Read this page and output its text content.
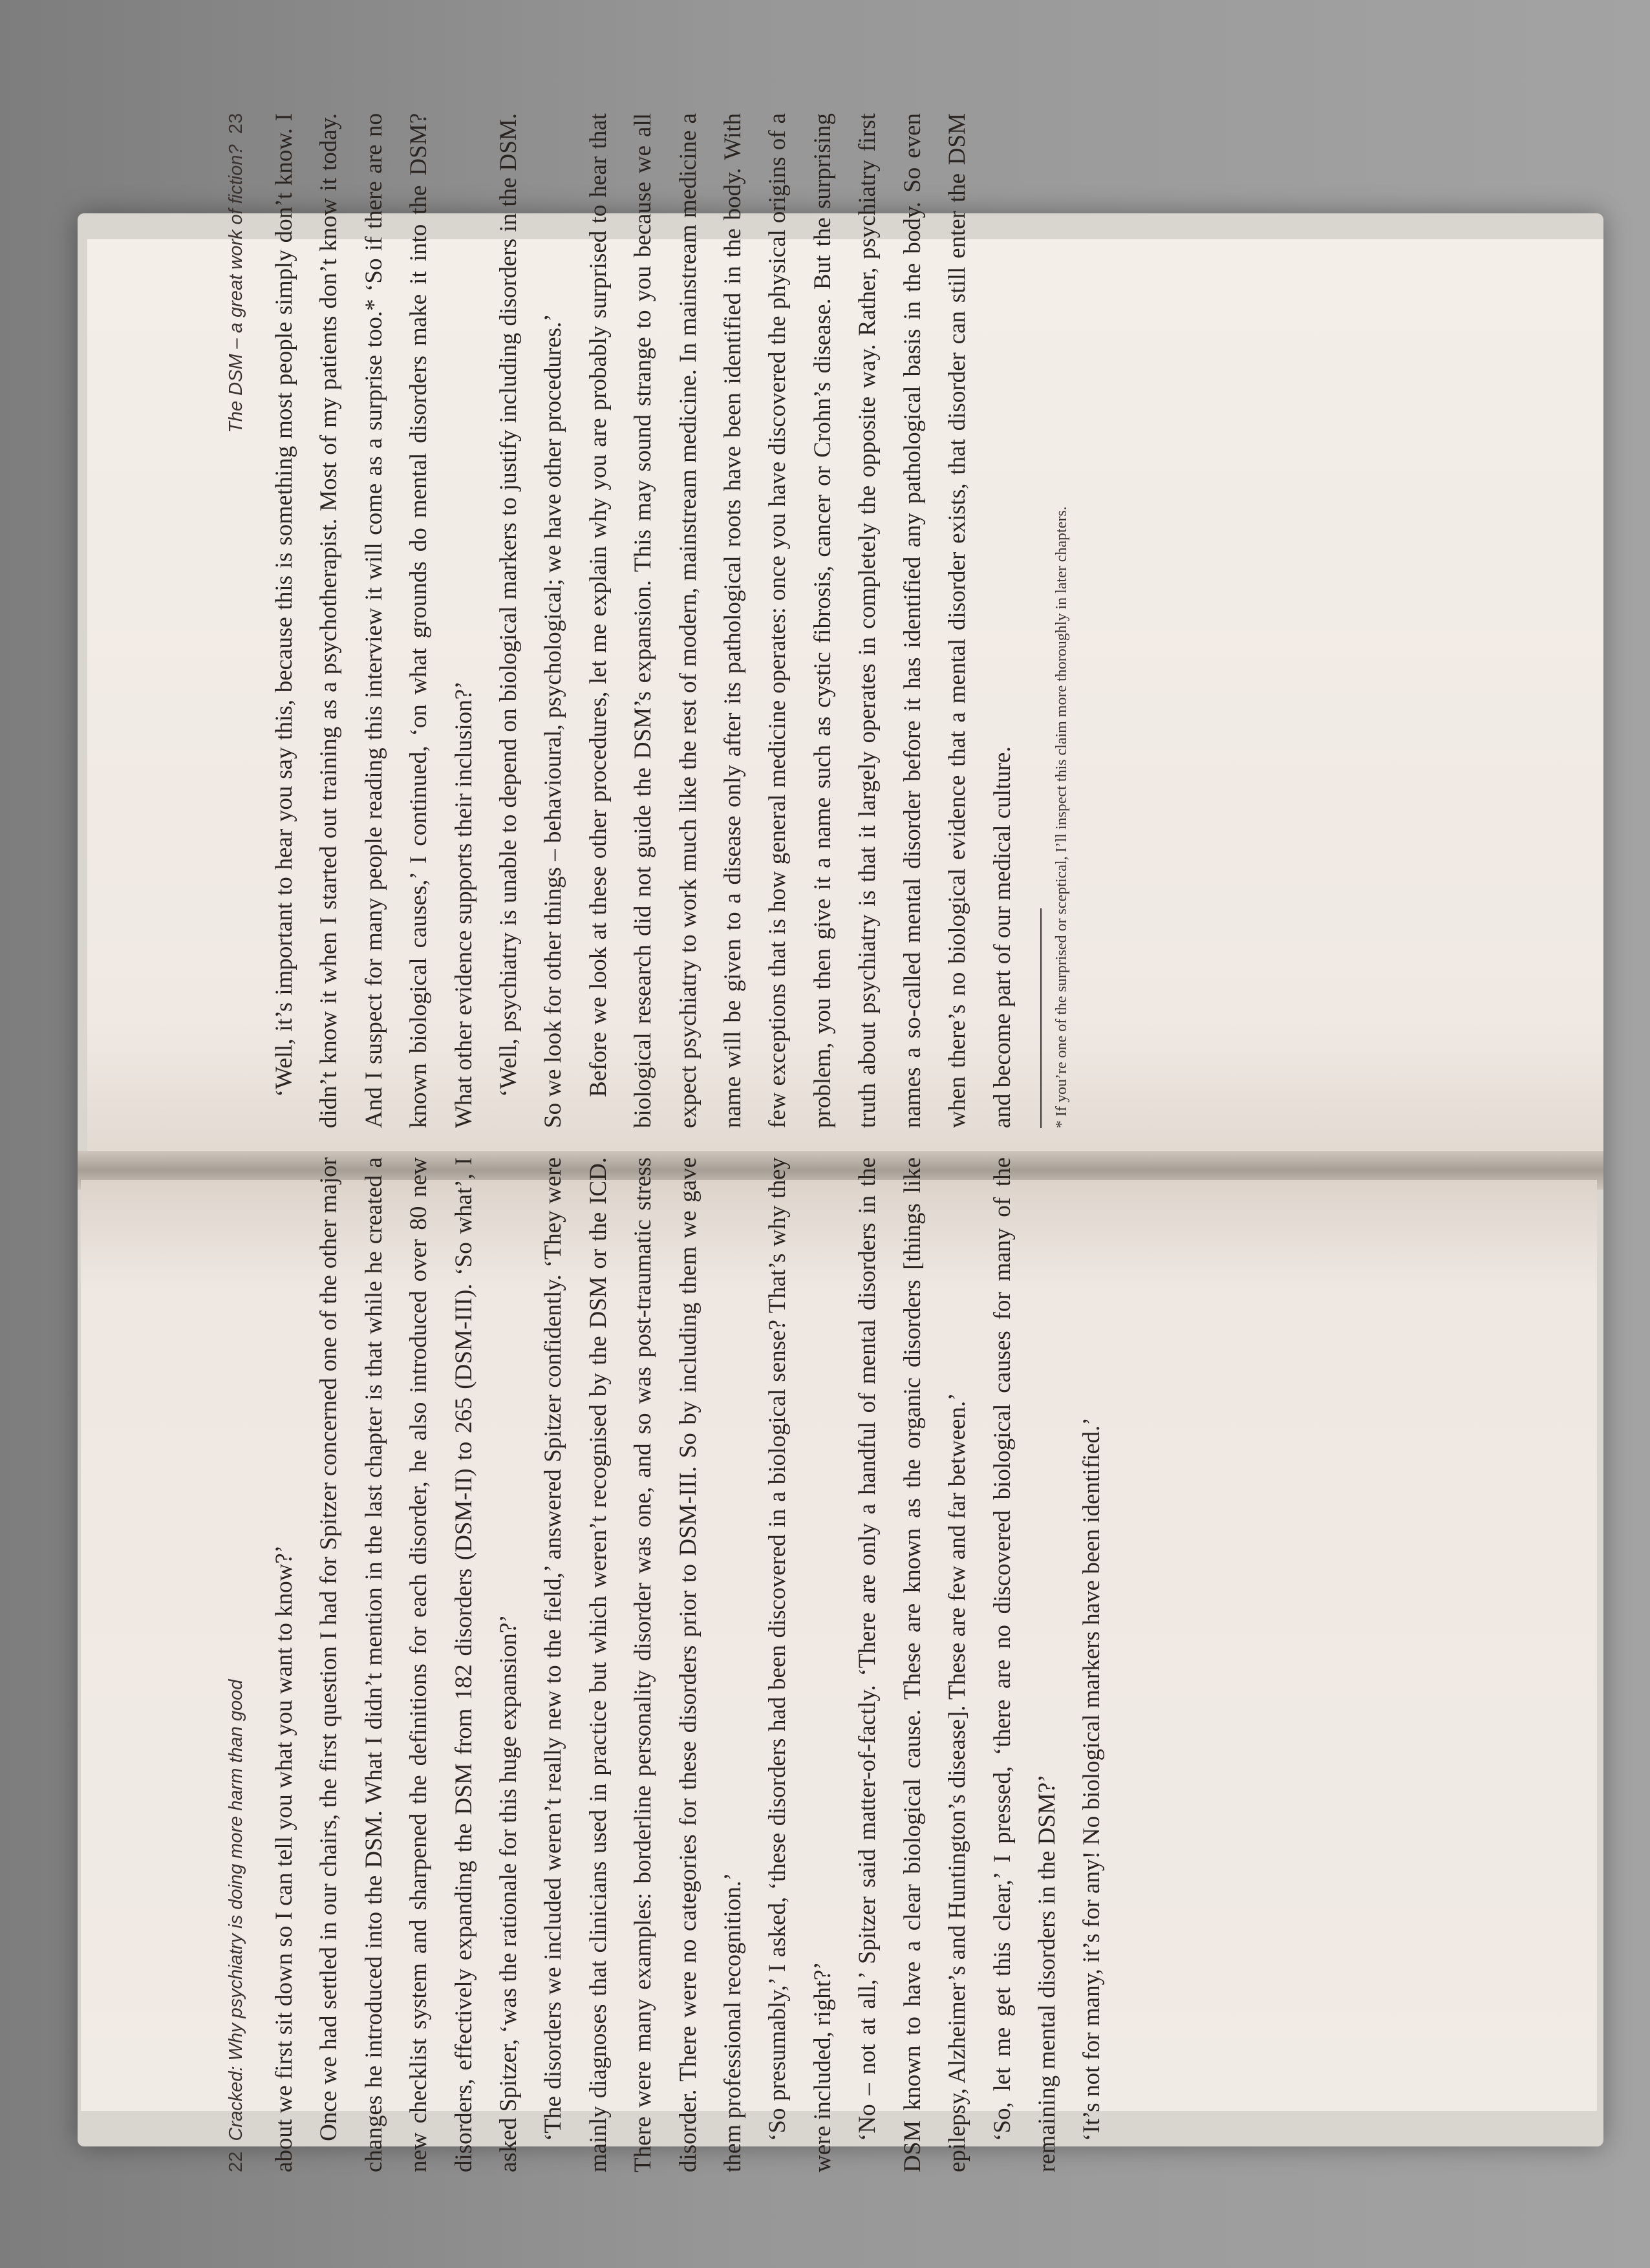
The DSM – a great work of fiction?  23	‘Well, it’s important to hear you say this, because this is something most people simply don’t know. I didn’t know it when I started out training as a psychotherapist. Most of my patients don’t know it today. And I suspect for many people reading this interview it will come as a surprise too.* ‘So if there are no known biological causes,’ I continued, ‘on what grounds do mental disorders make it into the DSM? What other evidence supports their inclusion?’ ‘Well, psychiatry is unable to depend on biological markers to justify including disorders in the DSM. So we look for other things – behavioural, psychological; we have other procedures.’ Before we look at these other procedures, let me explain why you are probably surprised to hear that biological research did not guide the DSM’s expansion. This may sound strange to you because we all expect psychiatry to work much like the rest of modern, mainstream medicine. In mainstream medicine a name will be given to a disease only after its pathological roots have been identified in the body. With few exceptions that is how general medicine operates: once you have discovered the physical origins of a problem, you then give it a name such as cystic fibrosis, cancer or Crohn’s disease. But the surprising truth about psychiatry is that it largely operates in completely the opposite way. Rather, psychiatry first names a so-called mental disorder before it has identified any pathological basis in the body. So even when there’s no biological evidence that a mental disorder exists, that disorder can still enter the DSM and become part of our medical culture.	* If you’re one of the surprised or sceptical, I’ll inspect this claim more thoroughly in later chapters.

22  Cracked: Why psychiatry is doing more harm than good	about we first sit down so I can tell you what you want to know?’ Once we had settled in our chairs, the first question I had for Spitzer concerned one of the other major changes he introduced into the DSM. What I didn’t mention in the last chapter is that while he created a new checklist system and sharpened the definitions for each disorder, he also introduced over 80 new disorders, effectively expanding the DSM from 182 disorders (DSM-II) to 265 (DSM-III). ‘So what’, I asked Spitzer, ‘was the rationale for this huge expansion?’ ‘The disorders we included weren’t really new to the field,’ answered Spitzer confidently. ‘They were mainly diagnoses that clinicians used in practice but which weren’t recognised by the DSM or the ICD. There were many examples: borderline personality disorder was one, and so was post-traumatic stress disorder. There were no categories for these disorders prior to DSM-III. So by including them we gave them professional recognition.’ ‘So presumably,’ I asked, ‘these disorders had been discovered in a biological sense? That’s why they were included, right?’ ‘No – not at all,’ Spitzer said matter-of-factly. ‘There are only a handful of mental disorders in the DSM known to have a clear biological cause. These are known as the organic disorders [things like epilepsy, Alzheimer’s and Huntington’s disease]. These are few and far between.’ ‘So, let me get this clear,’ I pressed, ‘there are no discovered biological causes for many of the remaining mental disorders in the DSM?’ ‘It’s not for many, it’s for any! No biological markers have been identified.’
